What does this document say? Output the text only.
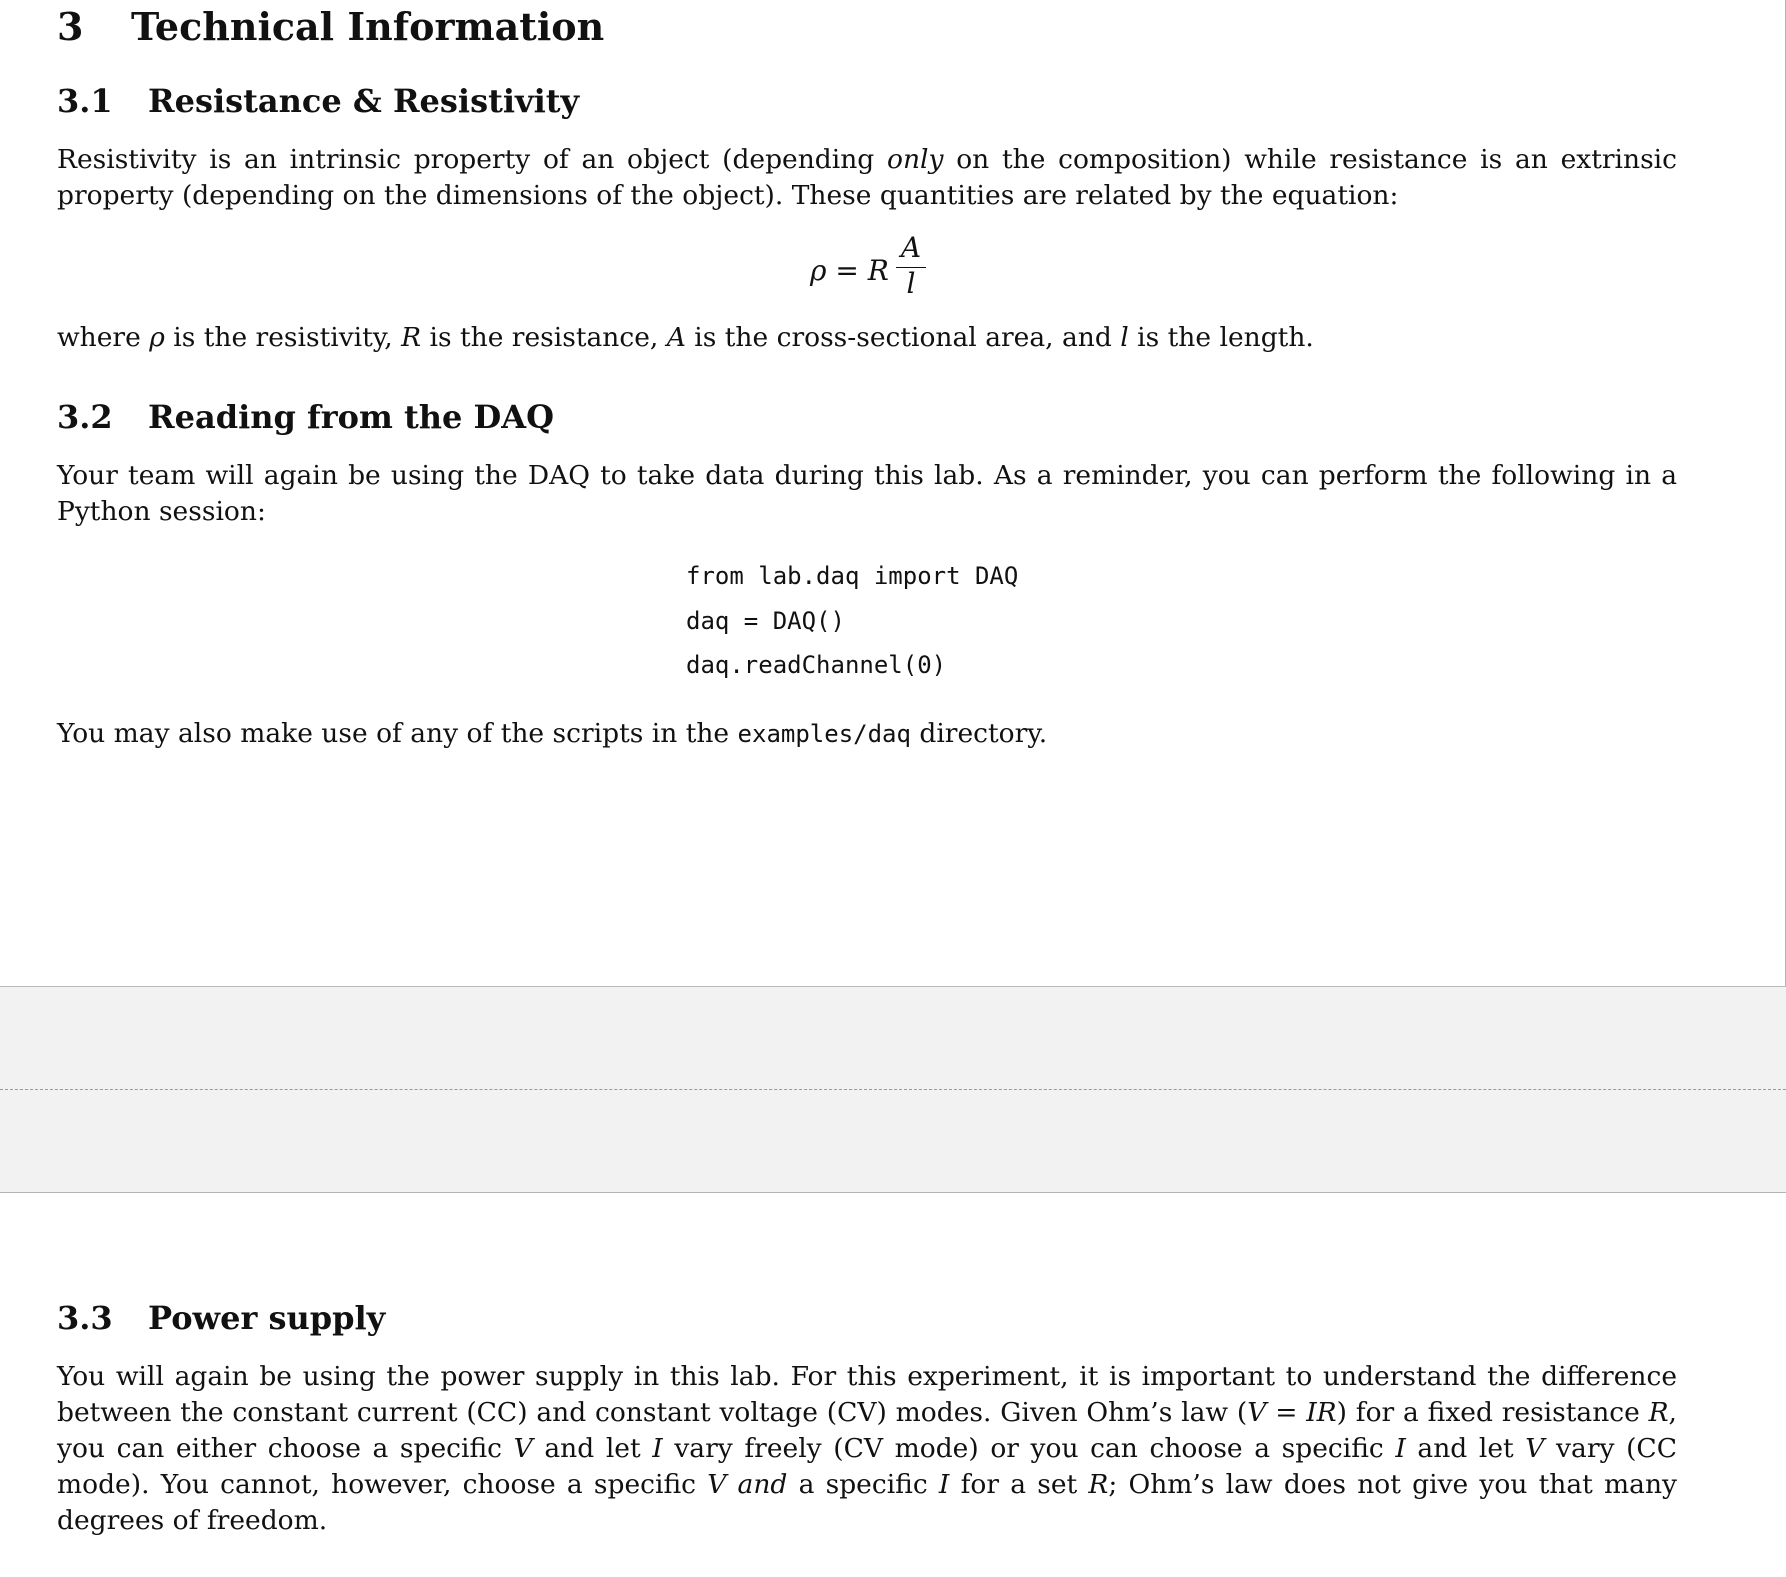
3 Technical Information
3.1 Resistance & Resistivity
Resistivity is an intrinsic property of an object (depending only on the composition) while resistance is an extrinsic property (depending on the dimensions of the object). These quantities are related by the equation:
ρ = R
A
l
where ρ is the resistivity, R is the resistance, A is the cross-sectional area, and l is the length.
3.2 Reading from the DAQ
Your team will again be using the DAQ to take data during this lab. As a reminder, you can perform the following in a Python session:
from lab.daq import DAQ
daq = DAQ()
daq.readChannel(0)
You may also make use of any of the scripts in the examples/daq directory.
3.3 Power supply
You will again be using the power supply in this lab. For this experiment, it is important to understand the difference between the constant current (CC) and constant voltage (CV) modes. Given Ohm’s law (V = IR) for a fixed resistance R, you can either choose a specific V and let I vary freely (CV mode) or you can choose a specific I and let V vary (CC mode). You cannot, however, choose a specific V and a specific I for a set R; Ohm’s law does not give you that many degrees of freedom.
